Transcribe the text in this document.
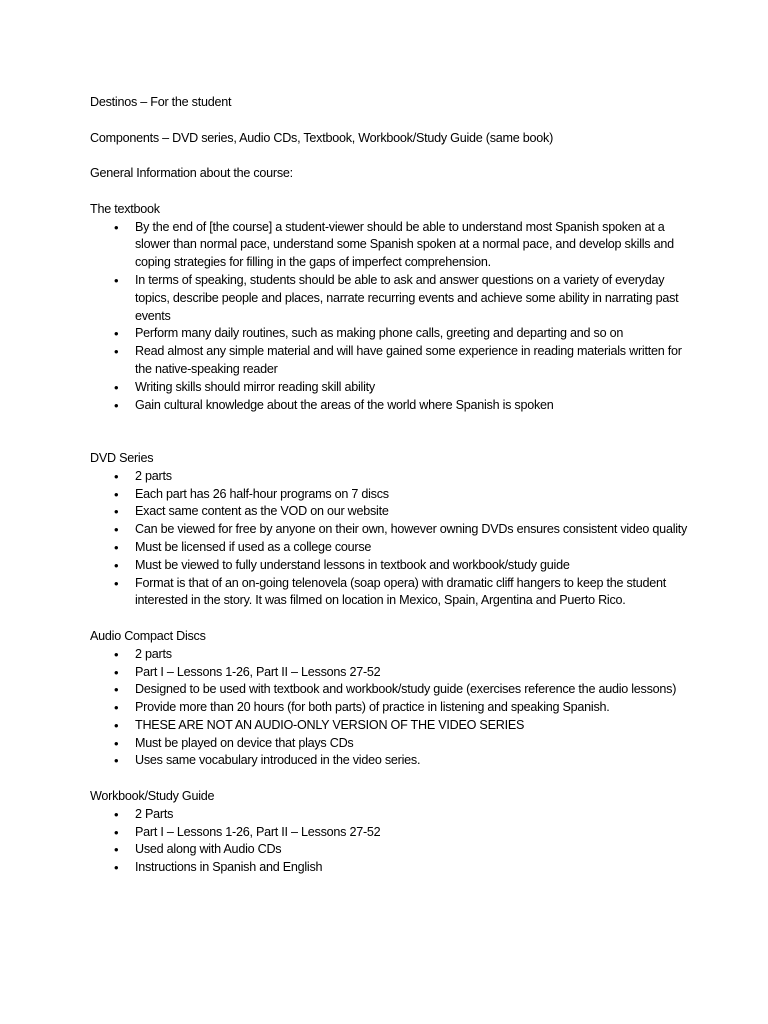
Destinos – For the student

Components – DVD series, Audio CDs, Textbook, Workbook/Study Guide (same book)

General Information about the course:

The textbook

• By the end of [the course] a student-viewer should be able to understand most Spanish spoken at a slower than normal pace, understand some Spanish spoken at a normal pace, and develop skills and coping strategies for filling in the gaps of imperfect comprehension.
• In terms of speaking, students should be able to ask and answer questions on a variety of everyday topics, describe people and places, narrate recurring events and achieve some ability in narrating past events
• Perform many daily routines, such as making phone calls, greeting and departing and so on
• Read almost any simple material and will have gained some experience in reading materials written for the native-speaking reader
• Writing skills should mirror reading skill ability
• Gain cultural knowledge about the areas of the world where Spanish is spoken

DVD Series

• 2 parts
• Each part has 26 half-hour programs on 7 discs
• Exact same content as the VOD on our website
• Can be viewed for free by anyone on their own, however owning DVDs ensures consistent video quality
• Must be licensed if used as a college course
• Must be viewed to fully understand lessons in textbook and workbook/study guide
• Format is that of an on-going telenovela (soap opera) with dramatic cliff hangers to keep the student interested in the story. It was filmed on location in Mexico, Spain, Argentina and Puerto Rico.

Audio Compact Discs

• 2 parts
• Part I – Lessons 1-26, Part II – Lessons 27-52
• Designed to be used with textbook and workbook/study guide (exercises reference the audio lessons)
• Provide more than 20 hours (for both parts) of practice in listening and speaking Spanish.
• THESE ARE NOT AN AUDIO-ONLY VERSION OF THE VIDEO SERIES
• Must be played on device that plays CDs
• Uses same vocabulary introduced in the video series.

Workbook/Study Guide

• 2 Parts
• Part I – Lessons 1-26, Part II – Lessons 27-52
• Used along with Audio CDs
• Instructions in Spanish and English
